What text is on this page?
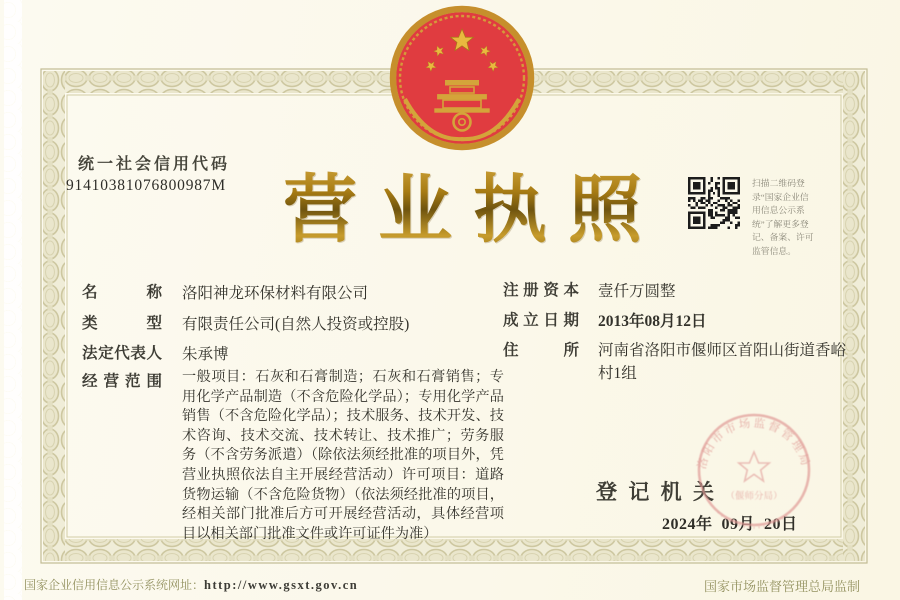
统一社会信用代码
91410381076800987M 营业执照	扫描二维码登录“国家企业信用信息公示系统”了解更多登记、备案、许可监管信息。
名称 洛阳神龙环保材料有限公司
类型 有限责任公司(自然人投资或控股)
法定代表人 朱承博
经营范围 一般项目：石灰和石膏制造；石灰和石膏销售；专用化学产品制造（不含危险化学品）；专用化学产品销售（不含危险化学品）；技术服务、技术开发、技术咨询、技术交流、技术转让、技术推广；劳务服务（不含劳务派遣）（除依法须经批准的项目外，凭营业执照依法自主开展经营活动）许可项目：道路货物运输（不含危险货物）（依法须经批准的项目，经相关部门批准后方可开展经营活动，具体经营项目以相关部门批准文件或许可证件为准）
注册资本 壹仟万圆整
成立日期 2013年08月12日
住所 河南省洛阳市偃师区首阳山街道香峪村1组
登记机关
2024年  09月  20日
洛阳市市场监督管理局
（偃师分局）
国家企业信用信息公示系统网址：http://www.gsxt.gov.cn	国家市场监督管理总局监制
